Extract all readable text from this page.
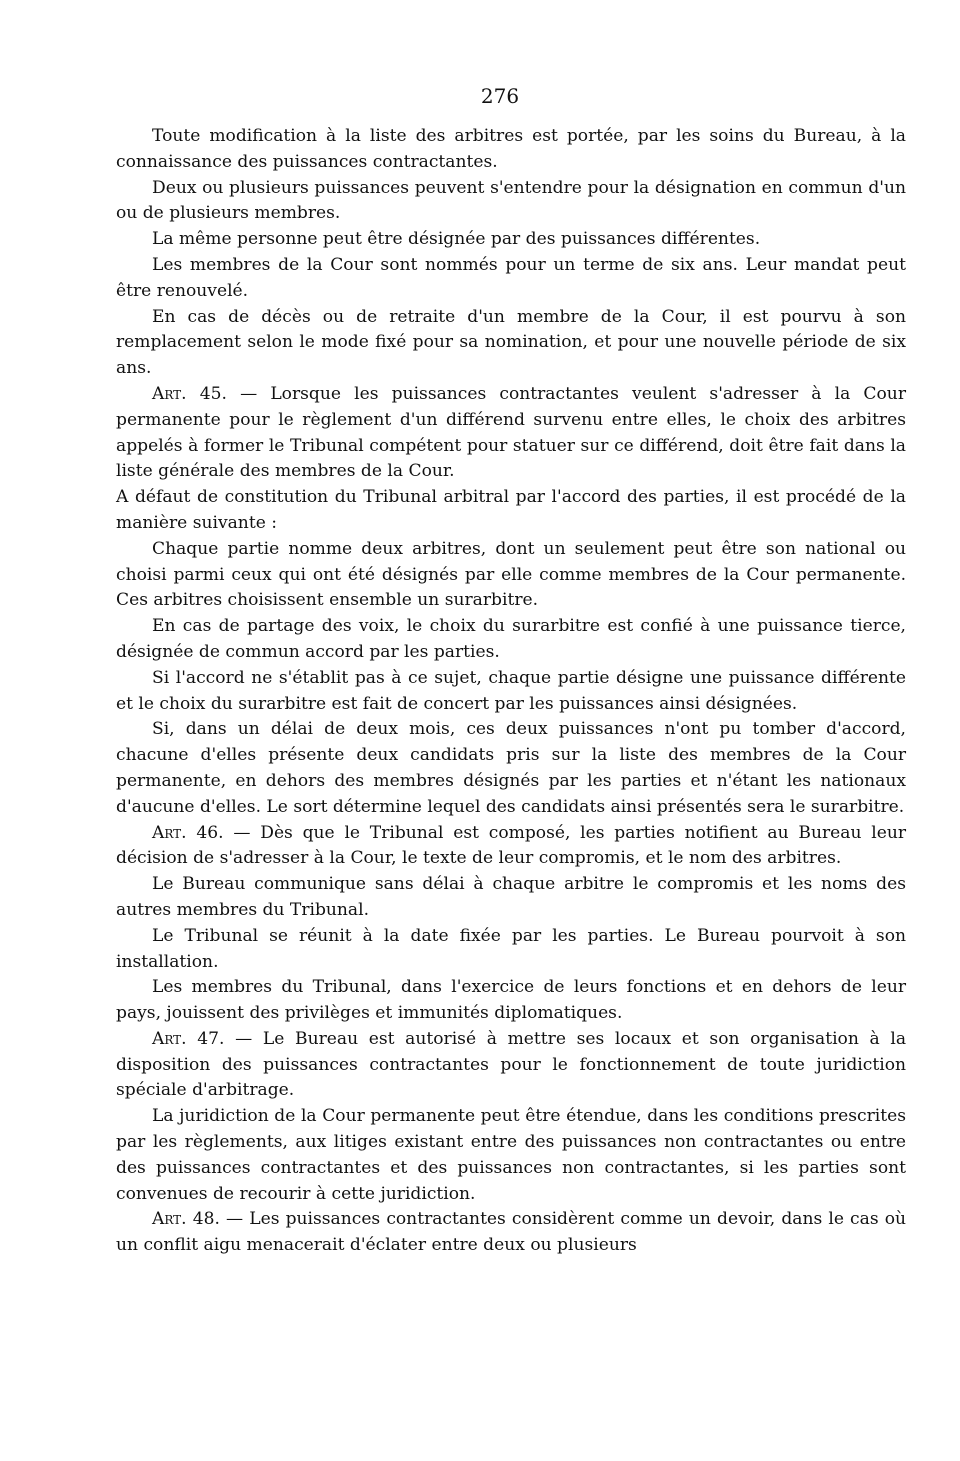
276

Toute modification à la liste des arbitres est portée, par les soins du Bureau, à la connaissance des puissances contractantes.

Deux ou plusieurs puissances peuvent s'entendre pour la désignation en commun d'un ou de plusieurs membres.

La même personne peut être désignée par des puissances différentes.

Les membres de la Cour sont nommés pour un terme de six ans. Leur mandat peut être renouvelé.

En cas de décès ou de retraite d'un membre de la Cour, il est pourvu à son remplacement selon le mode fixé pour sa nomination, et pour une nouvelle période de six ans.

Art. 45. — Lorsque les puissances contractantes veulent s'adresser à la Cour permanente pour le règlement d'un différend survenu entre elles, le choix des arbitres appelés à former le Tribunal compétent pour statuer sur ce différend, doit être fait dans la liste générale des membres de la Cour.

A défaut de constitution du Tribunal arbitral par l'accord des parties, il est procédé de la manière suivante :

Chaque partie nomme deux arbitres, dont un seulement peut être son national ou choisi parmi ceux qui ont été désignés par elle comme membres de la Cour permanente. Ces arbitres choisissent ensemble un surarbitre.

En cas de partage des voix, le choix du surarbitre est confié à une puissance tierce, désignée de commun accord par les parties.

Si l'accord ne s'établit pas à ce sujet, chaque partie désigne une puissance différente et le choix du surarbitre est fait de concert par les puissances ainsi désignées.

Si, dans un délai de deux mois, ces deux puissances n'ont pu tomber d'accord, chacune d'elles présente deux candidats pris sur la liste des membres de la Cour permanente, en dehors des membres désignés par les parties et n'étant les nationaux d'aucune d'elles. Le sort détermine lequel des candidats ainsi présentés sera le surarbitre.

Art. 46. — Dès que le Tribunal est composé, les parties notifient au Bureau leur décision de s'adresser à la Cour, le texte de leur compromis, et le nom des arbitres.

Le Bureau communique sans délai à chaque arbitre le compromis et les noms des autres membres du Tribunal.

Le Tribunal se réunit à la date fixée par les parties. Le Bureau pourvoit à son installation.

Les membres du Tribunal, dans l'exercice de leurs fonctions et en dehors de leur pays, jouissent des privilèges et immunités diplomatiques.

Art. 47. — Le Bureau est autorisé à mettre ses locaux et son organisation à la disposition des puissances contractantes pour le fonctionnement de toute juridiction spéciale d'arbitrage.

La juridiction de la Cour permanente peut être étendue, dans les conditions prescrites par les règlements, aux litiges existant entre des puissances non contractantes ou entre des puissances contractantes et des puissances non contractantes, si les parties sont convenues de recourir à cette juridiction.

Art. 48. — Les puissances contractantes considèrent comme un devoir, dans le cas où un conflit aigu menacerait d'éclater entre deux ou plusieurs
